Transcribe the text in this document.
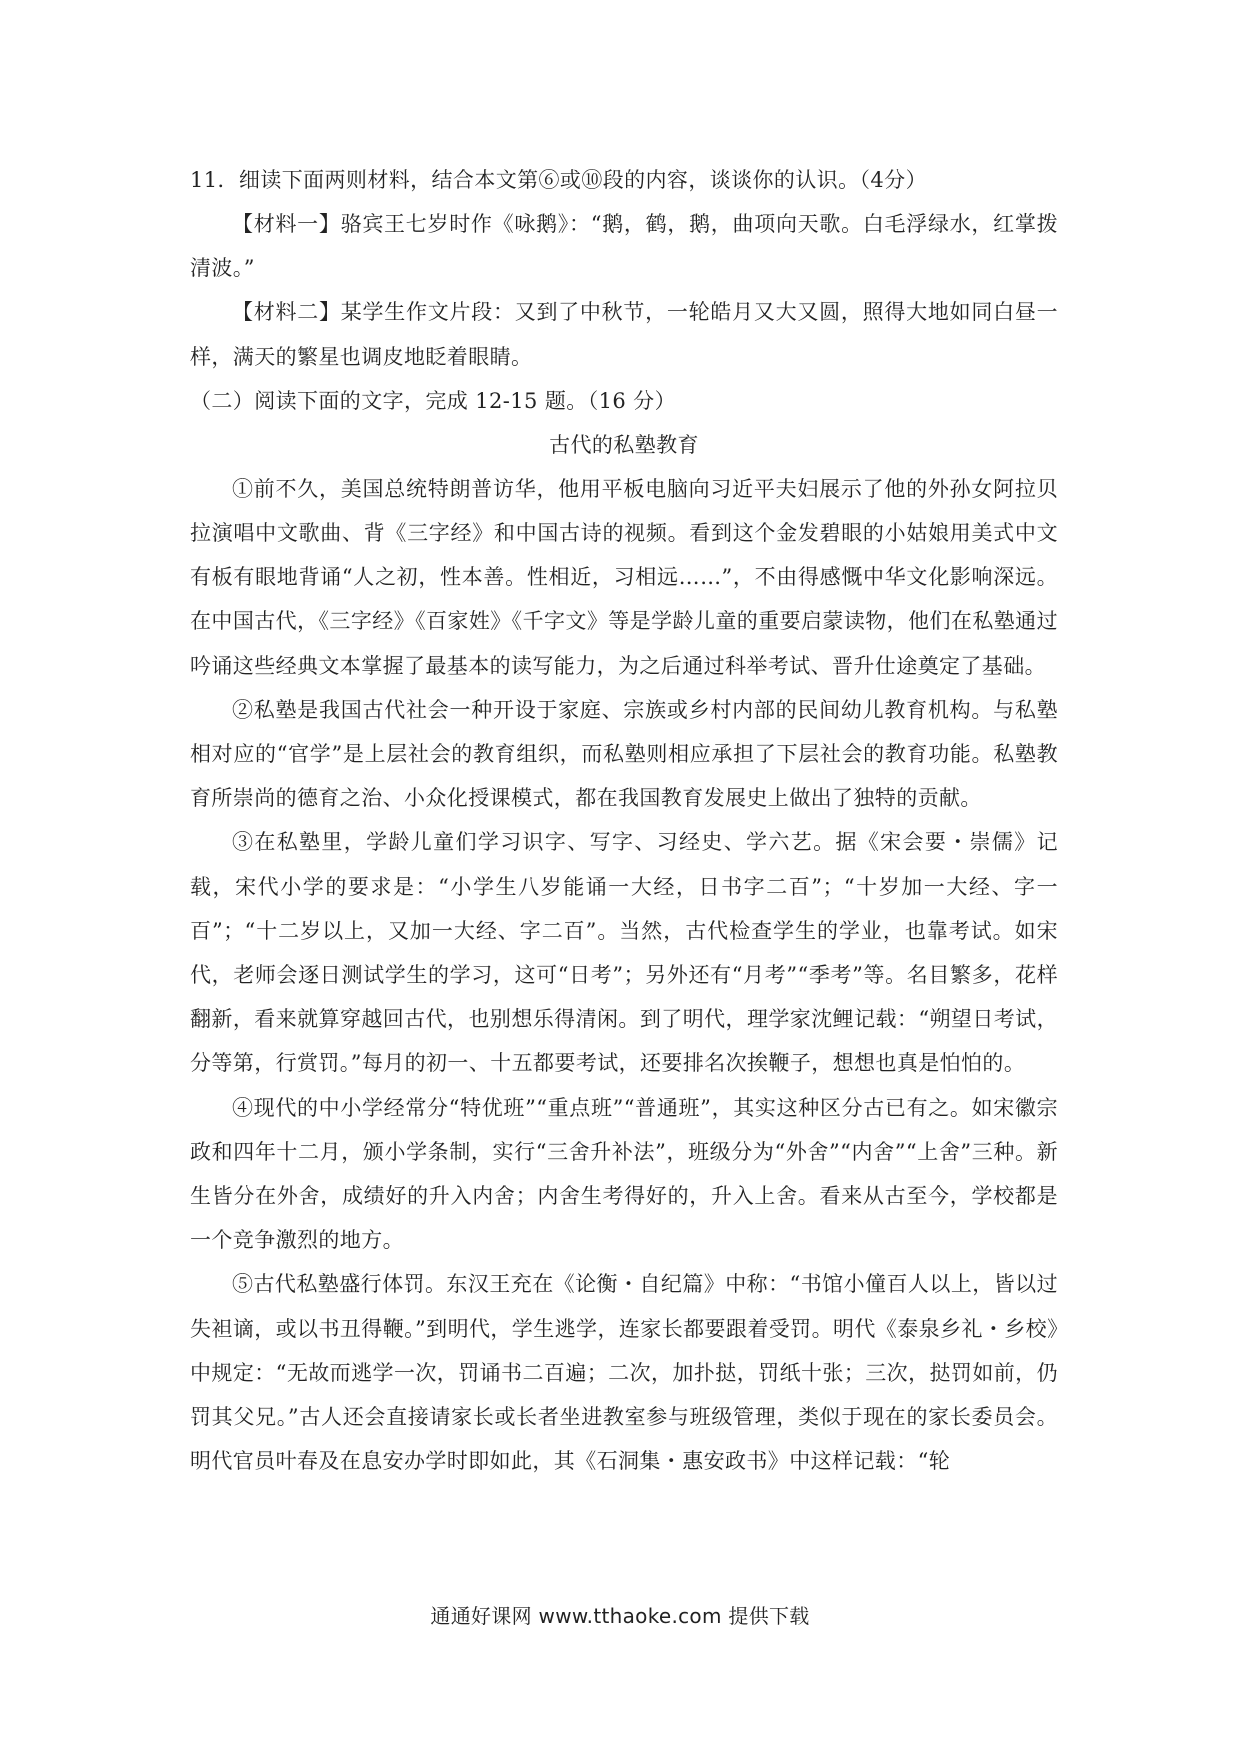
11．细读下面两则材料，结合本文第⑥或⑩段的内容，谈谈你的认识。（4分）

【材料一】骆宾王七岁时作《咏鹅》：“鹅，鹤，鹅，曲项向天歌。白毛浮绿水，红掌拨清波。”

【材料二】某学生作文片段：又到了中秋节，一轮皓月又大又圆，照得大地如同白昼一样，满天的繁星也调皮地眨着眼睛。

（二）阅读下面的文字，完成 12-15 题。（16 分）

古代的私塾教育

①前不久，美国总统特朗普访华，他用平板电脑向习近平夫妇展示了他的外孙女阿拉贝拉演唱中文歌曲、背《三字经》和中国古诗的视频。看到这个金发碧眼的小姑娘用美式中文有板有眼地背诵“人之初，性本善。性相近，习相远……”，不由得感慨中华文化影响深远。在中国古代，《三字经》《百家姓》《千字文》等是学龄儿童的重要启蒙读物，他们在私塾通过吟诵这些经典文本掌握了最基本的读写能力，为之后通过科举考试、晋升仕途奠定了基础。

②私塾是我国古代社会一种开设于家庭、宗族或乡村内部的民间幼儿教育机构。与私塾相对应的“官学”是上层社会的教育组织，而私塾则相应承担了下层社会的教育功能。私塾教育所崇尚的德育之治、小众化授课模式，都在我国教育发展史上做出了独特的贡献。

③在私塾里，学龄儿童们学习识字、写字、习经史、学六艺。据《宋会要・崇儒》记载，宋代小学的要求是：“小学生八岁能诵一大经，日书字二百”；“十岁加一大经、字一百”；“十二岁以上，又加一大经、字二百”。当然，古代检查学生的学业，也靠考试。如宋代，老师会逐日测试学生的学习，这可“日考”；另外还有“月考”“季考”等。名目繁多，花样翻新，看来就算穿越回古代，也别想乐得清闲。到了明代，理学家沈鲤记载：“朔望日考试，分等第，行赏罚。”每月的初一、十五都要考试，还要排名次挨鞭子，想想也真是怕怕的。

④现代的中小学经常分“特优班”“重点班”“普通班”，其实这种区分古已有之。如宋徽宗政和四年十二月，颁小学条制，实行“三舍升补法”，班级分为“外舍”“内舍”“上舍”三种。新生皆分在外舍，成绩好的升入内舍；内舍生考得好的，升入上舍。看来从古至今，学校都是一个竞争激烈的地方。

⑤古代私塾盛行体罚。东汉王充在《论衡・自纪篇》中称：“书馆小僮百人以上，皆以过失袒谪，或以书丑得鞭。”到明代，学生逃学，连家长都要跟着受罚。明代《泰泉乡礼・乡校》中规定：“无故而逃学一次，罚诵书二百遍；二次，加扑挞，罚纸十张；三次，挞罚如前，仍罚其父兄。”古人还会直接请家长或长者坐进教室参与班级管理，类似于现在的家长委员会。明代官员叶春及在息安办学时即如此，其《石洞集・惠安政书》中这样记载：“轮

通通好课网 www.tthaoke.com 提供下载
